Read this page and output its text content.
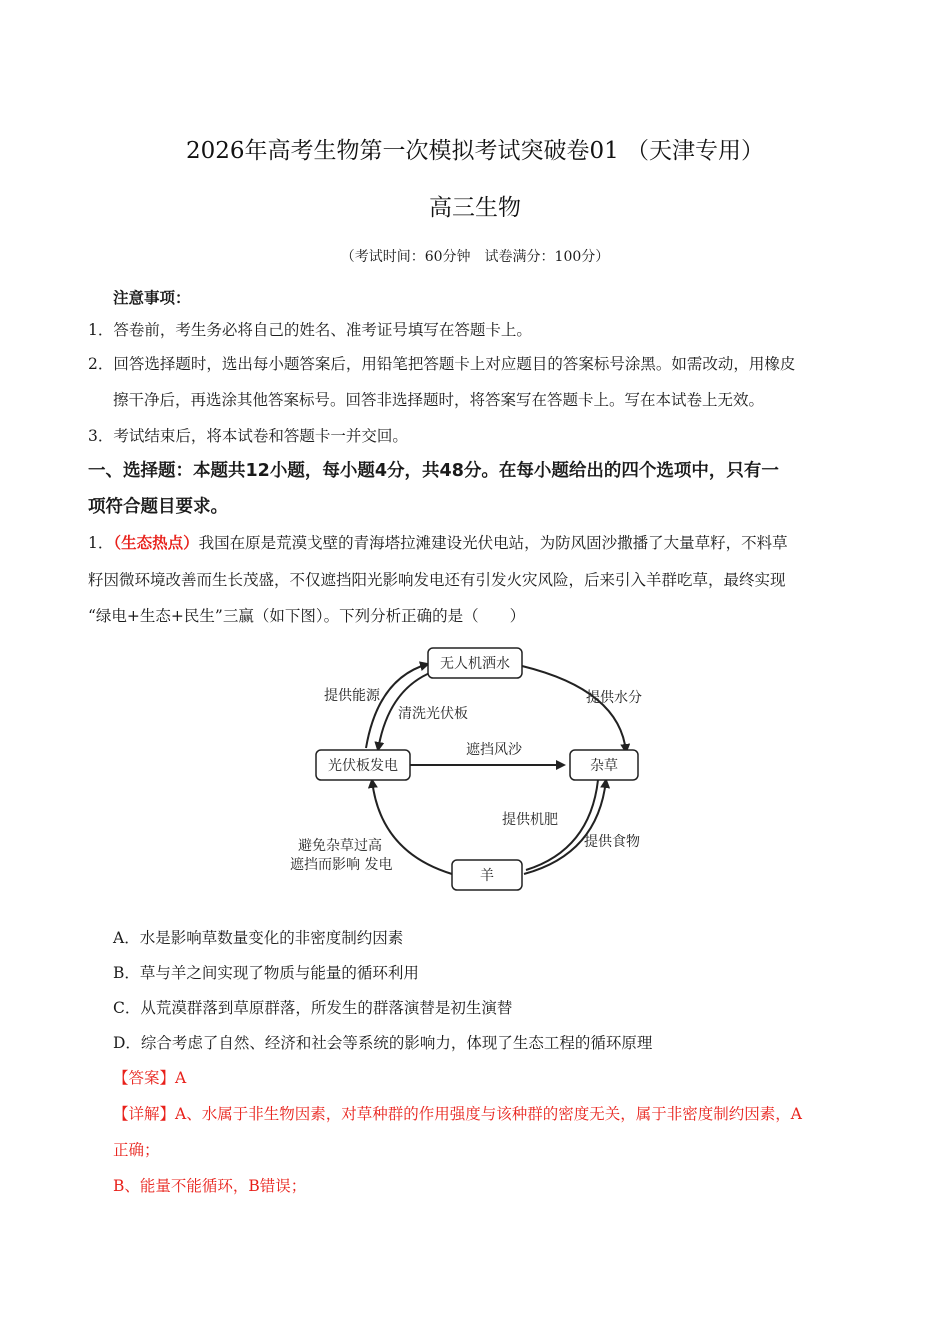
2026年高考生物第一次模拟考试突破卷01 （天津专用）
高三生物
（考试时间：60分钟　试卷满分：100分）
注意事项：
1．答卷前，考生务必将自己的姓名、准考证号填写在答题卡上。
2．回答选择题时，选出每小题答案后，用铅笔把答题卡上对应题目的答案标号涂黑。如需改动，用橡皮
擦干净后，再选涂其他答案标号。回答非选择题时，将答案写在答题卡上。写在本试卷上无效。
3．考试结束后，将本试卷和答题卡一并交回。
一、选择题：本题共12小题，每小题4分，共48分。在每小题给出的四个选项中，只有一
项符合题目要求。
1．（生态热点）我国在原是荒漠戈壁的青海塔拉滩建设光伏电站，为防风固沙撒播了大量草籽，不料草
籽因微环境改善而生长茂盛，不仅遮挡阳光影响发电还有引发火灾风险，后来引入羊群吃草，最终实现
“绿电+生态+民生”三赢（如下图）。下列分析正确的是（　　）
无人机洒水
光伏板发电	杂草
羊
提供能源
清洗光伏板
提供水分
遮挡风沙
提供机肥
提供食物
避免杂草过高
遮挡而影响 发电
A．水是影响草数量变化的非密度制约因素
B．草与羊之间实现了物质与能量的循环利用
C．从荒漠群落到草原群落，所发生的群落演替是初生演替
D．综合考虑了自然、经济和社会等系统的影响力，体现了生态工程的循环原理
【答案】A
【详解】A、水属于非生物因素，对草种群的作用强度与该种群的密度无关，属于非密度制约因素，A
正确；
B、能量不能循环，B错误；
